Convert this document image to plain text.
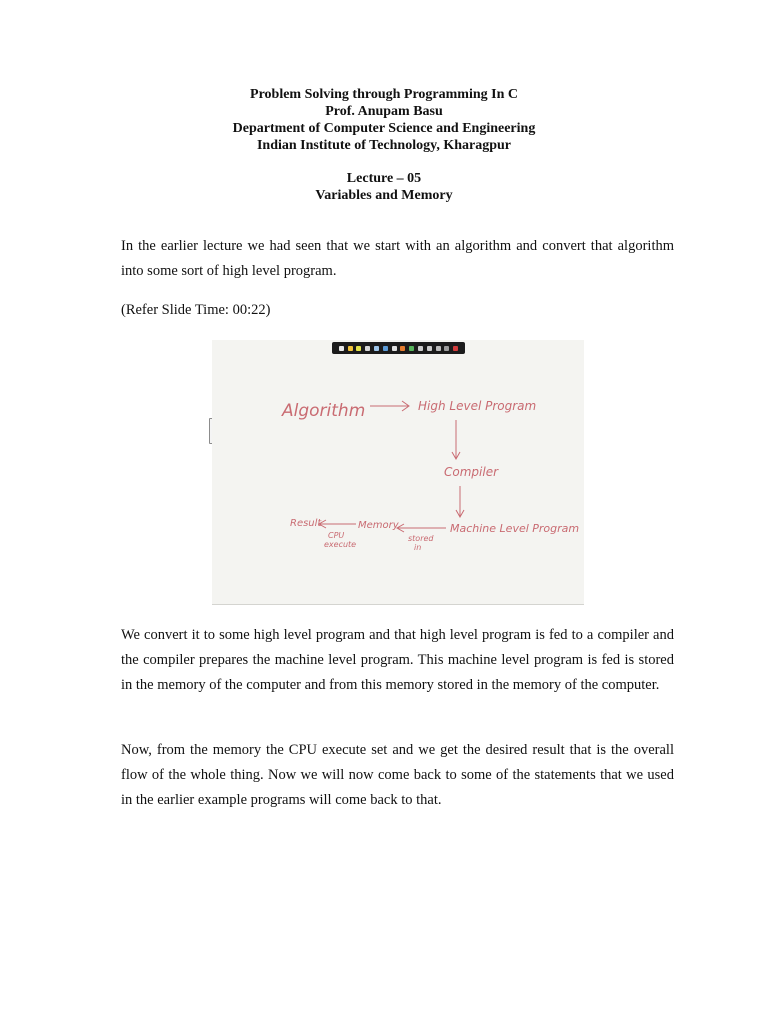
Problem Solving through Programming In C
Prof. Anupam Basu
Department of Computer Science and Engineering
Indian Institute of Technology, Kharagpur
Lecture – 05
Variables and Memory

In the earlier lecture we had seen that we start with an algorithm and convert that algorithm into some sort of high level program.

(Refer Slide Time: 00:22)

Algorithm	High Level Program
Compiler
Machine Level Program
stored
in
Memory
CPU
execute
Result

We convert it to some high level program and that high level program is fed to a compiler and the compiler prepares the machine level program. This machine level program is fed is stored in the memory of the computer and from this memory stored in the memory of the computer.

Now, from the memory the CPU execute set and we get the desired result that is the overall flow of the whole thing. Now we will now come back to some of the statements that we used in the earlier example programs will come back to that.
